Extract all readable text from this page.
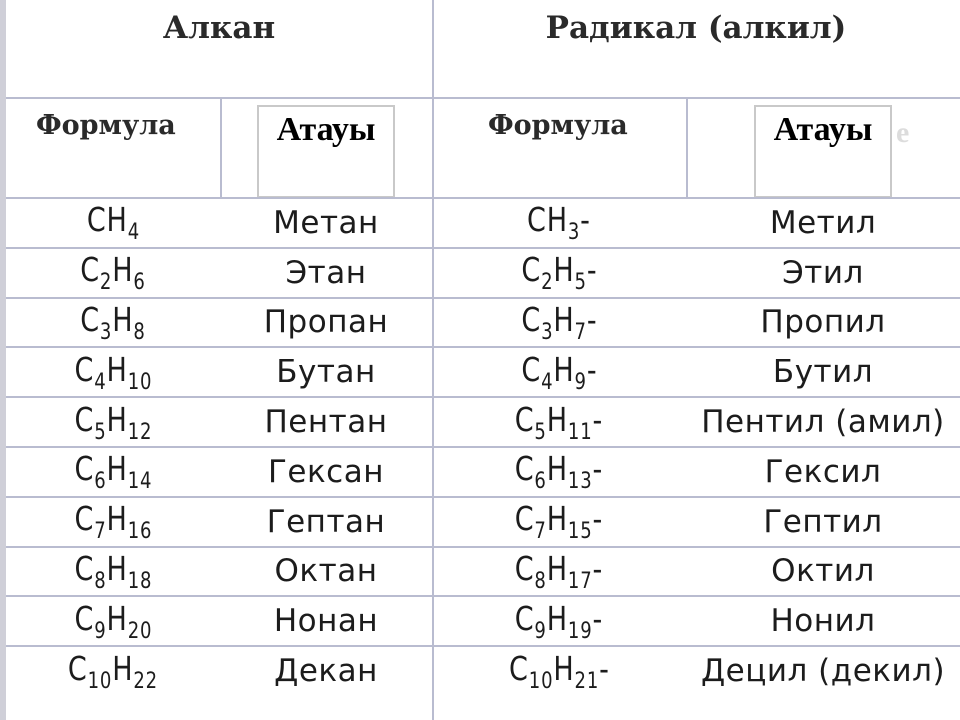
Алкан	Радикал (алкил)
Формула	Атауы	Формула	Атауы е
$CH_4$	Метан	$CH_3-$	Метил
$C_2H_6$	Этан	$C_2H_5-$	Этил
$C_3H_8$	Пропан	$C_3H_7-$	Пропил
$C_4H_{10}$	Бутан	$C_4H_9-$	Бутил
$C_5H_{12}$	Пентан	$C_5H_{11}-$	Пентил (амил)
$C_6H_{14}$	Гексан	$C_6H_{13}-$	Гексил
$C_7H_{16}$	Гептан	$C_7H_{15}-$	Гептил
$C_8H_{18}$	Октан	$C_8H_{17}-$	Октил
$C_9H_{20}$	Нонан	$C_9H_{19}-$	Нонил
$C_{10}H_{22}$	Декан	$C_{10}H_{21}-$	Децил (декил)
